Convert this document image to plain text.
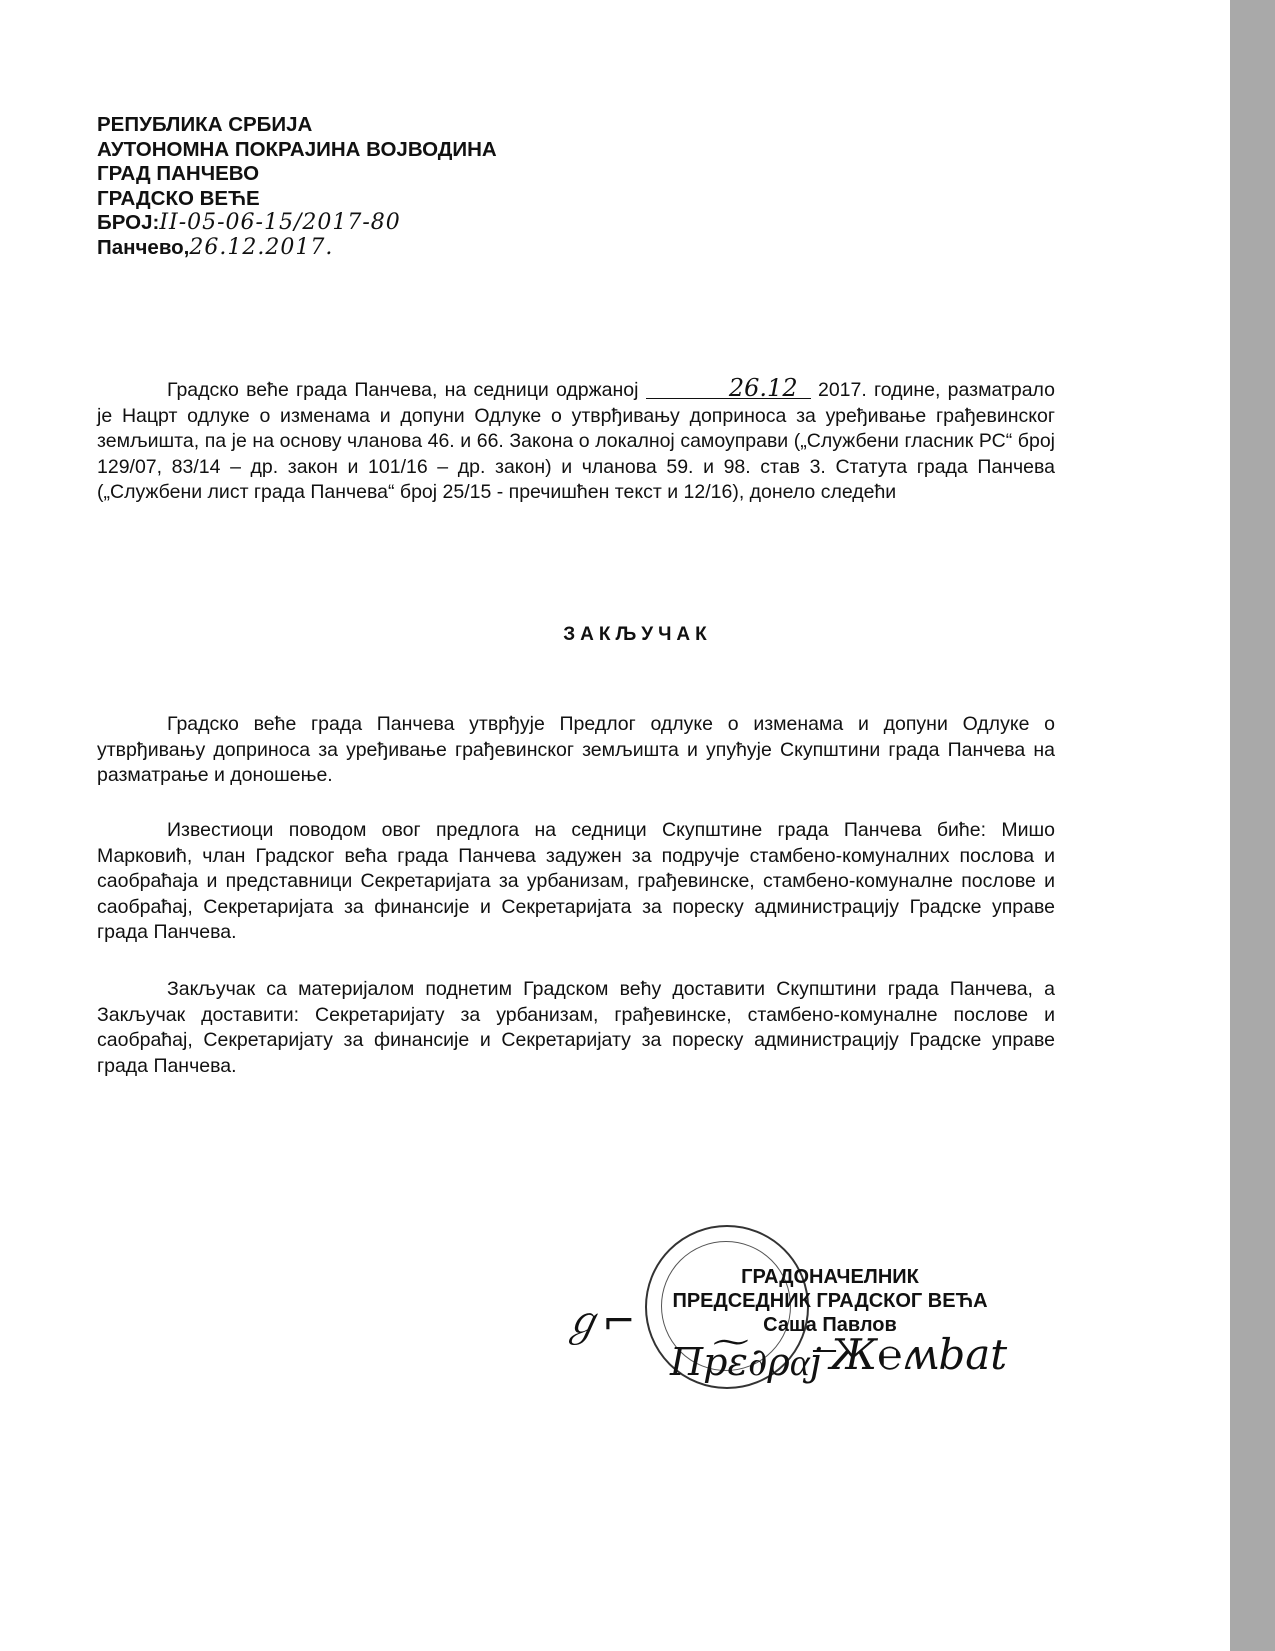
РЕПУБЛИКА СРБИЈА
АУТОНОМНА ПОКРАЈИНА ВОЈВОДИНА
ГРАД ПАНЧЕВО
ГРАДСКО ВЕЋЕ
БРОЈ:II-05-06-15/2017-80
Панчево,26.12.2017.
Градско веће града Панчева, на седници одржаној	26.12 2017. године, разматрало је Нацрт одлуке о изменама и допуни Одлуке о утврђивању доприноса за уређивање грађевинског земљишта, па је на основу чланова 46. и 66. Закона о локалној самоуправи („Службени гласник РС“ број 129/07, 83/14 – др. закон и 101/16 – др. закон) и чланова 59. и 98. став 3. Статута града Панчева („Службени лист града Панчева“ број 25/15 - пречишћен текст и 12/16), донело следећи
ЗАКЉУЧАК
Градско веће града Панчева утврђује Предлог одлуке о изменама и допуни Одлуке о утврђивању доприноса за уређивање грађевинског земљишта и упућује Скупштини града Панчева на разматрање и доношење.
Известиоци поводом овог предлога на седници Скупштине града Панчева биће: Мишо Марковић, члан Градског већа града Панчева задужен за подручје стамбено-комуналних послова и саобраћаја и представници Секретаријата за урбанизам, грађевинске, стамбено-комуналне послове и саобраћај, Секретаријата за финансије и Секретаријата за пореску администрацију Градске управе града Панчева.
Закључак са материјалом поднетим Градском већу доставити Скупштини града Панчева, а Закључак доставити: Секретаријату за урбанизам, грађевинске, стамбено-комуналне послове и саобраћај, Секретаријату за финансије и Секретаријату за пореску администрацију Градске управе града Панчева.
ℊ⌐
ГРАДОНАЧЕЛНИК
ПРЕДСЕДНИК ГРАДСКОГ ВЕЋА
Саша Павлов
Пр͠ε∂ρα͞ј Ж℮ʍbat
